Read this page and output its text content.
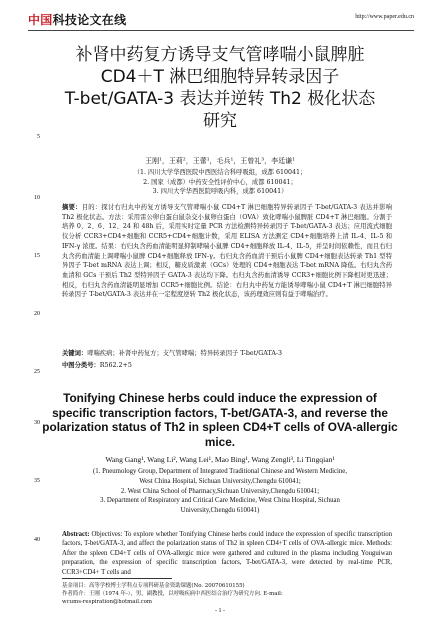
中国科技论文在线	http://www.paper.edu.cn
5
10
15
20
25
30
35
40
补肾中药复方诱导支气管哮喘小鼠脾脏
CD4＋T 淋巴细胞特异转录因子
T-bet/GATA-3 表达并逆转 Th2 极化状态
研究
王刚¹，王莉²，王蕾¹，毛兵¹，王曾礼³，李廷谦¹
（1. 四川大学华西医院中西医结合科呼吸组，成都 610041；
2. 国家（成都）中药安全性评价中心，成都 610041；
3. 四川大学华西医院呼吸内科，成都 610041）
摘要：目的：探讨右归丸中药复方诱导支气管哮喘小鼠 CD4+T 淋巴细胞特异转录因子 T-bet/GATA-3 表达并影响 Th2 极化状态。方法：采用雷公卵白蛋白鼠杂交小鼠卵白蛋白（OVA）致化哮喘小鼠脾脏 CD4+T 淋巴细胞。分割于培养 0、2、6、12、24 和 48h 后，采用实时定量 PCR 方法检测特异转录因子 T-bet/GATA-3 表达；应用流式细胞仪分析 CCR3+CD4+细胞和 CCR5+CD4+细胞计数，采用 ELISA 方法测定 CD4+细胞培养上清 IL-4、IL-5 和 IFN-γ 浓度。结果：右归丸含药血清能明显抑制哮喘小鼠脾 CD4+细胞释放 IL-4、IL-5，并呈时间依赖性，而且右归丸含药血清能上调哮喘小鼠脾 CD4+细胞释放 IFN-γ。右归丸含药血清干预后小鼠脾 CD4+细胞表达转录 Th1 型特异因子 T-bet mRNA 表达上调；相反，糖皮质激素（GCs）处理的 CD4+细胞表达 T-bet mRNA 降低。右归丸含药血清和 GCs 干预后 Th2 型特异因子 GATA-3 表达均下降。右归丸含药血清诱导 CCR3+细胞比例下降相对更迅速；相反，右归丸含药血清能明显增加 CCR5+细胞比例。结论：右归丸中药复方能诱导哮喘小鼠 CD4+T 淋巴细胞特异转录因子 T-bet/GATA-3 表达并在一定程度逆转 Th2 极化状态，该药理效应则有益于哮喘治疗。
关键词：哮喘疾病；补肾中药复方；支气管哮喘；特异转录因子 T-bet/GATA-3
中图分类号：R562.2+5
Tonifying Chinese herbs could induce the expression of specific transcription factors, T-bet/GATA-3, and reverse the polarization status of Th2 in spleen CD4+T cells of OVA-allergic mice.
Wang Gang¹, Wang Li², Wang Lei¹, Mao Bing¹, Wang Zengli³, Li Tingqian¹
(1. Pneumology Group, Department of Integrated Traditional Chinese and Western Medicine,
West China Hospital, Sichuan University,Chengdu 610041;
2. West China School of Pharmacy,Sichuan University,Chengdu 610041;
3. Department of Respiratory and Critical Care Medicine, West China Hospital, Sichuan
University,Chengdu 610041)
Abstract: Objectives: To explore whether Tonifying Chinese herbs could induce the expression of specific transcription factors, T-bet/GATA-3, and affect the polarization status of Th2 in spleen CD4+T cells of OVA-allergic mice. Methods: After the spleen CD4+T cells of OVA-allergic mice were gathered and cultured in the plasma including Youguiwan preparation, the expression of specific transcription factors, T-bet/GATA-3, were detected by real-time PCR, CCR3+CD4+ T cells and
基金项目：高等学校博士学科点专项科研基金资助课题(No. 20070610155)
作者简介：王刚（1974 年-），男，副教授，以呼吸疾病中西医结合治疗为研究方向. E-mail:
wcums-respiration@hotmail.com
- 1 -
